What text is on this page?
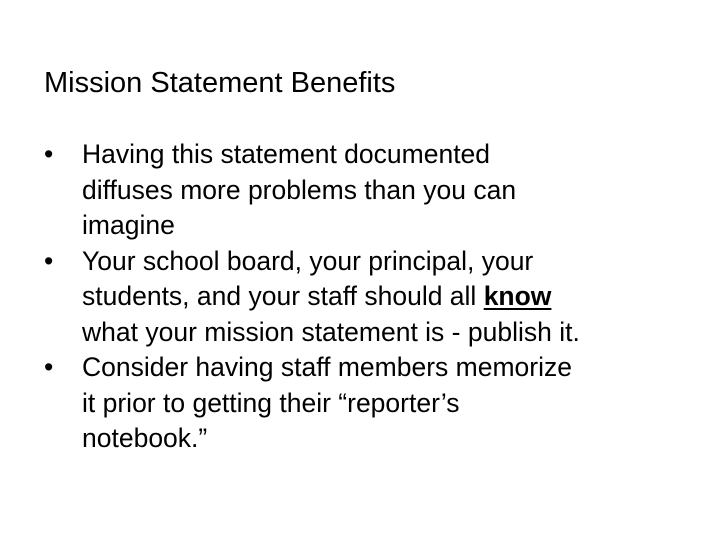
Mission Statement Benefits
•	Having this statement documented
diffuses more problems than you can
imagine
•	Your school board, your principal, your
students, and your staff should all know
what your mission statement is - publish it.
•	Consider having staff members memorize
it prior to getting their “reporter’s
notebook.”
